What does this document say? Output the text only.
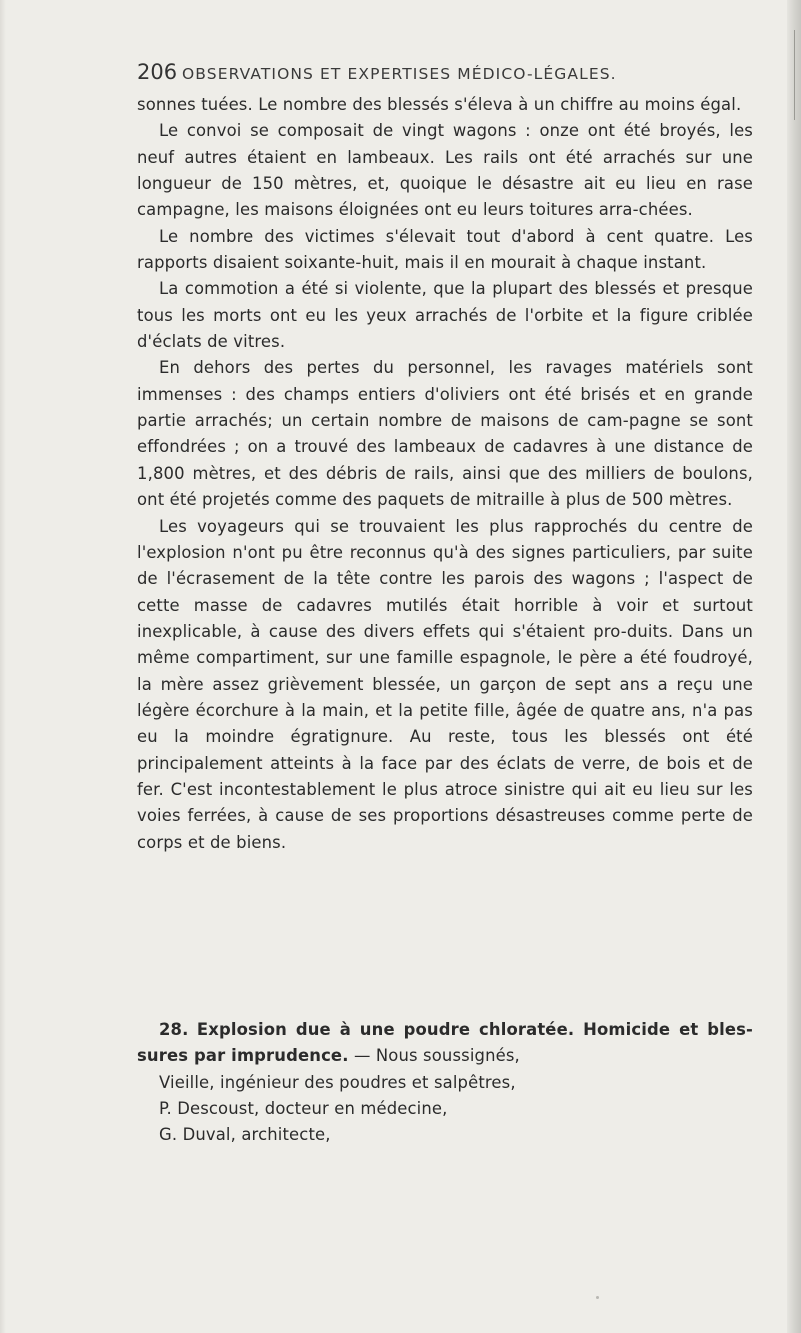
206 OBSERVATIONS ET EXPERTISES MÉDICO-LÉGALES.

sonnes tuées. Le nombre des blessés s'éleva à un chiffre au moins égal.

Le convoi se composait de vingt wagons : onze ont été broyés, les neuf autres étaient en lambeaux. Les rails ont été arrachés sur une longueur de 150 mètres, et, quoique le désastre ait eu lieu en rase campagne, les maisons éloignées ont eu leurs toitures arra-chées.

Le nombre des victimes s'élevait tout d'abord à cent quatre. Les rapports disaient soixante-huit, mais il en mourait à chaque instant.

La commotion a été si violente, que la plupart des blessés et presque tous les morts ont eu les yeux arrachés de l'orbite et la figure criblée d'éclats de vitres.

En dehors des pertes du personnel, les ravages matériels sont immenses : des champs entiers d'oliviers ont été brisés et en grande partie arrachés; un certain nombre de maisons de cam-pagne se sont effondrées ; on a trouvé des lambeaux de cadavres à une distance de 1,800 mètres, et des débris de rails, ainsi que des milliers de boulons, ont été projetés comme des paquets de mitraille à plus de 500 mètres.

Les voyageurs qui se trouvaient les plus rapprochés du centre de l'explosion n'ont pu être reconnus qu'à des signes particuliers, par suite de l'écrasement de la tête contre les parois des wagons ; l'aspect de cette masse de cadavres mutilés était horrible à voir et surtout inexplicable, à cause des divers effets qui s'étaient pro-duits. Dans un même compartiment, sur une famille espagnole, le père a été foudroyé, la mère assez grièvement blessée, un garçon de sept ans a reçu une légère écorchure à la main, et la petite fille, âgée de quatre ans, n'a pas eu la moindre égratignure. Au reste, tous les blessés ont été principalement atteints à la face par des éclats de verre, de bois et de fer. C'est incontestablement le plus atroce sinistre qui ait eu lieu sur les voies ferrées, à cause de ses proportions désastreuses comme perte de corps et de biens.

28. Explosion due à une poudre chloratée. Homicide et bles-sures par imprudence. — Nous soussignés,

Vieille, ingénieur des poudres et salpêtres,

P. Descoust, docteur en médecine,

G. Duval, architecte,
